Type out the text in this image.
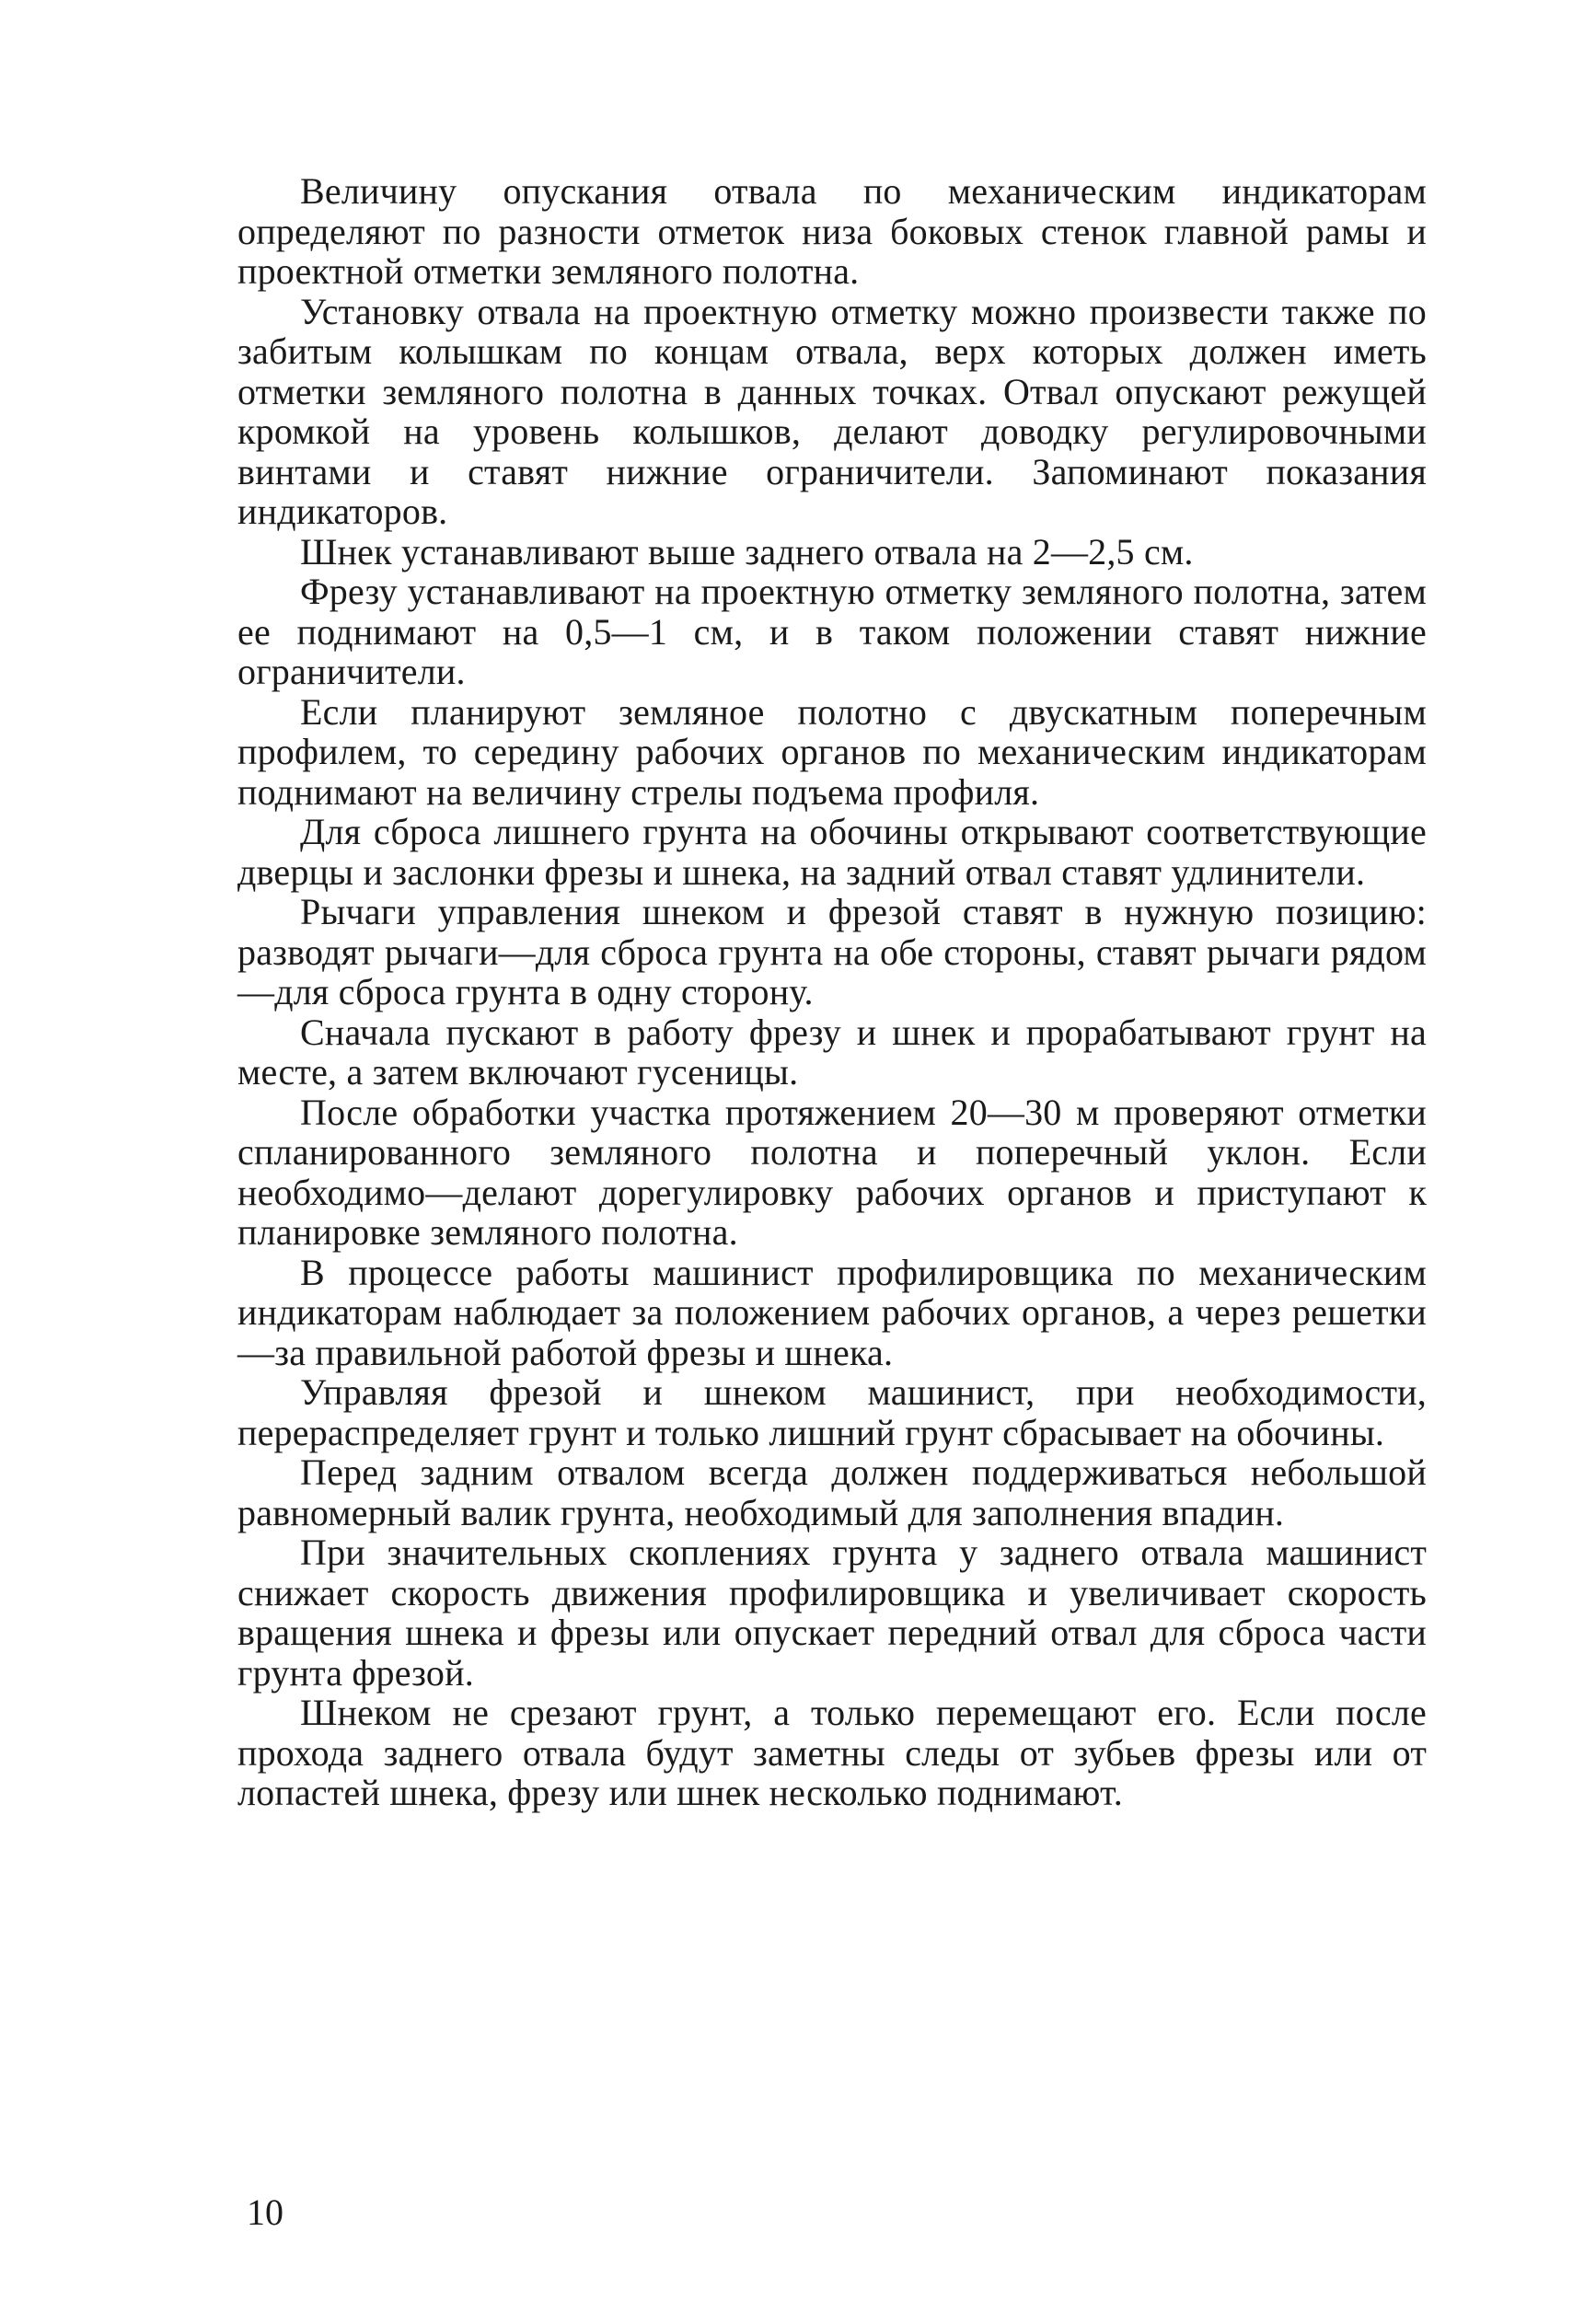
Величину опускания отвала по механическим индикаторам определяют по разности отметок низа боковых стенок главной рамы и проектной отметки земляного полотна.

Установку отвала на проектную отметку можно произвести также по забитым колышкам по концам отвала, верх которых должен иметь отметки земляного полотна в данных точках. Отвал опускают режущей кромкой на уровень колышков, делают доводку регулировочными винтами и ставят нижние ограничители. Запоминают показания индикаторов.

Шнек устанавливают выше заднего отвала на 2—2,5 см.

Фрезу устанавливают на проектную отметку земляного полотна, затем ее поднимают на 0,5—1 см, и в таком положении ставят нижние ограничители.

Если планируют земляное полотно с двускатным поперечным профилем, то середину рабочих органов по механическим индикаторам поднимают на величину стрелы подъема профиля.

Для сброса лишнего грунта на обочины открывают соответствующие дверцы и заслонки фрезы и шнека, на задний отвал ставят удлинители.

Рычаги управления шнеком и фрезой ставят в нужную позицию: разводят рычаги—для сброса грунта на обе стороны, ставят рычаги рядом—для сброса грунта в одну сторону.

Сначала пускают в работу фрезу и шнек и прорабатывают грунт на месте, а затем включают гусеницы.

После обработки участка протяжением 20—30 м проверяют отметки спланированного земляного полотна и поперечный уклон. Если необходимо—делают дорегулировку рабочих органов и приступают к планировке земляного полотна.

В процессе работы машинист профилировщика по механическим индикаторам наблюдает за положением рабочих органов, а через решетки—за правильной работой фрезы и шнека.

Управляя фрезой и шнеком машинист, при необходимости, перераспределяет грунт и только лишний грунт сбрасывает на обочины.

Перед задним отвалом всегда должен поддерживаться небольшой равномерный валик грунта, необходимый для заполнения впадин.

При значительных скоплениях грунта у заднего отвала машинист снижает скорость движения профилировщика и увеличивает скорость вращения шнека и фрезы или опускает передний отвал для сброса части грунта фрезой.

Шнеком не срезают грунт, а только перемещают его. Если после прохода заднего отвала будут заметны следы от зубьев фрезы или от лопастей шнека, фрезу или шнек несколько поднимают.

10
